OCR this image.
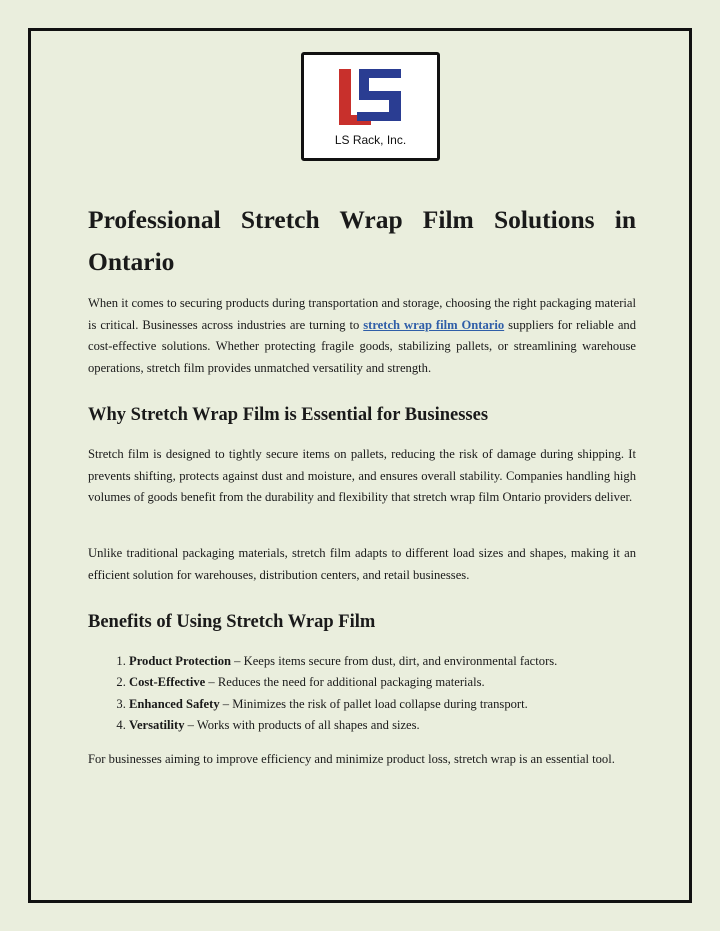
LS Rack, Inc.
Professional Stretch Wrap Film Solutions in Ontario

When it comes to securing products during transportation and storage, choosing the right packaging material is critical. Businesses across industries are turning to stretch wrap film Ontario suppliers for reliable and cost-effective solutions. Whether protecting fragile goods, stabilizing pallets, or streamlining warehouse operations, stretch film provides unmatched versatility and strength.

Why Stretch Wrap Film is Essential for Businesses

Stretch film is designed to tightly secure items on pallets, reducing the risk of damage during shipping. It prevents shifting, protects against dust and moisture, and ensures overall stability. Companies handling high volumes of goods benefit from the durability and flexibility that stretch wrap film Ontario providers deliver.

Unlike traditional packaging materials, stretch film adapts to different load sizes and shapes, making it an efficient solution for warehouses, distribution centers, and retail businesses.

Benefits of Using Stretch Wrap Film
1. Product Protection – Keeps items secure from dust, dirt, and environmental factors.
2. Cost-Effective – Reduces the need for additional packaging materials.
3. Enhanced Safety – Minimizes the risk of pallet load collapse during transport.
4. Versatility – Works with products of all shapes and sizes.

For businesses aiming to improve efficiency and minimize product loss, stretch wrap is an essential tool.
